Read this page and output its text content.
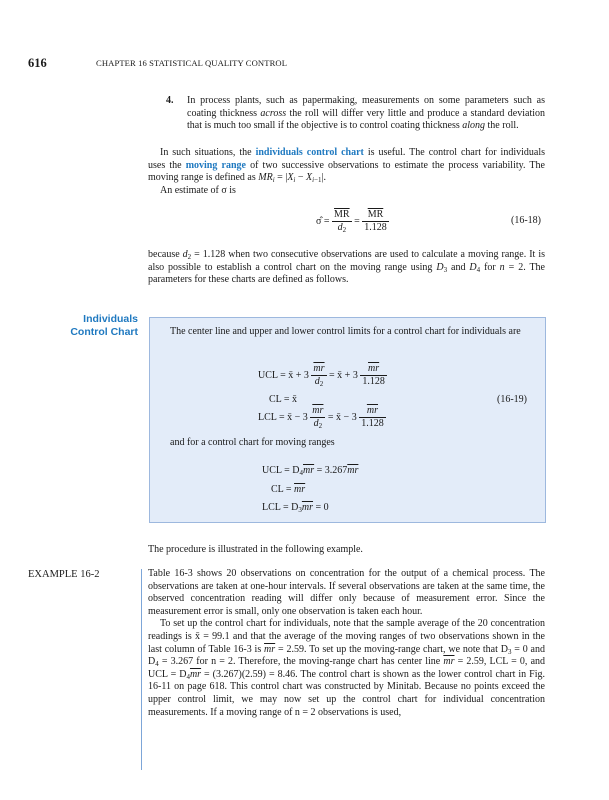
616	CHAPTER 16 STATISTICAL QUALITY CONTROL
4. In process plants, such as papermaking, measurements on some parameters such as coating thickness across the roll will differ very little and produce a standard deviation that is much too small if the objective is to control coating thickness along the roll.

In such situations, the individuals control chart is useful. The control chart for individuals uses the moving range of two successive observations to estimate the process variability. The moving range is defined as $MR_i = |X_i - X_{i-1}|$.

An estimate of σ is

σ̂ = $\frac{\overline{MR}}{d_2} = \frac{\overline{MR}}{1.128}$	(16-18)
because $d_2 = 1.128$ when two consecutive observations are used to calculate a moving range. It is also possible to establish a control chart on the moving range using $D_3$ and $D_4$ for n = 2. The parameters for these charts are defined as follows.
Individuals
Control Chart	The center line and upper and lower control limits for a control chart for individuals are
UCL = x̄ + $3 \frac{\overline{mr}}{d_2}$ = x̄ + $3 \frac{\overline{mr}}{1.128}$
CL = x̄	(16-19)
LCL = x̄ − $3 \frac{\overline{mr}}{d_2}$ = x̄ − $3 \frac{\overline{mr}}{1.128}$
and for a control chart for moving ranges
UCL = $D_4\overline{mr} = 3.267\overline{mr}$
CL = $\overline{mr}$
LCL = $D_3\overline{mr} = 0$
The procedure is illustrated in the following example.
EXAMPLE 16-2	Table 16-3 shows 20 observations on concentration for the output of a chemical process. The observations are taken at one-hour intervals. If several observations are taken at the same time, the observed concentration reading will differ only because of measurement error. Since the measurement error is small, only one observation is taken each hour.

To set up the control chart for individuals, note that the sample average of the 20 concentration readings is x̄ = 99.1 and that the average of the moving ranges of two observations shown in the last column of Table 16-3 is $\overline{mr} = 2.59$. To set up the moving-range chart, we note that $D_3 = 0$ and $D_4 = 3.267$ for n = 2. Therefore, the moving-range chart has center line $\overline{mr} = 2.59$, LCL = 0, and UCL = $D_4\overline{mr} = (3.267)(2.59) = 8.46$. The control chart is shown as the lower control chart in Fig. 16-11 on page 618. This control chart was constructed by Minitab. Because no points exceed the upper control limit, we may now set up the control chart for individual concentration measurements. If a moving range of n = 2 observations is used,
